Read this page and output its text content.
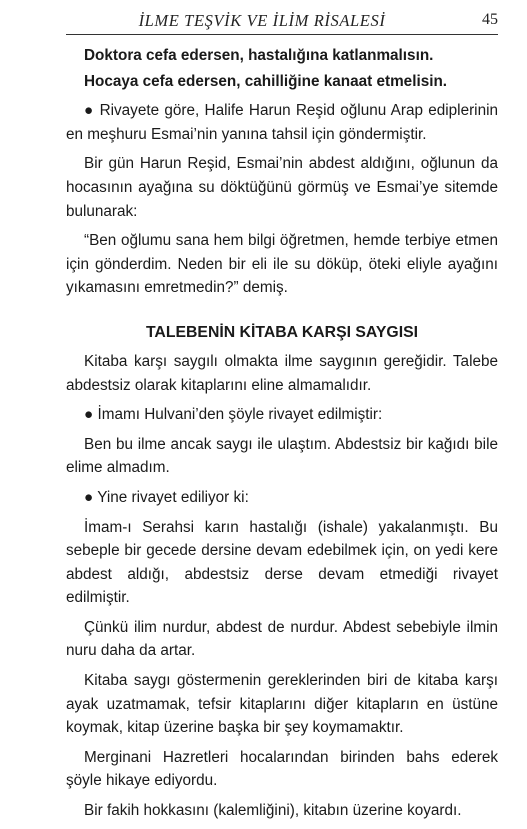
İLME TEŞVİK VE İLİM RİSALESİ	45

Doktora cefa edersen, hastalığına katlanmalısın.

Hocaya cefa edersen, cahilliğine kanaat etmelisin.

● Rivayete göre, Halife Harun Reşid oğlunu Arap ediplerinin en meşhuru Esmai’nin yanına tahsil için göndermiştir.

Bir gün Harun Reşid, Esmai’nin abdest aldığını, oğlunun da hocasının ayağına su döktüğünü görmüş ve Esmai’ye sitemde bulunarak:

“Ben oğlumu sana hem bilgi öğretmen, hemde terbiye etmen için gönderdim. Neden bir eli ile su döküp, öteki eliyle ayağını yıkamasını emretmedin?” demiş.

TALEBENİN KİTABA KARŞI SAYGISI

Kitaba karşı saygılı olmakta ilme saygının gereğidir. Talebe abdestsiz olarak kitaplarını eline almamalıdır.

● İmamı Hulvani’den şöyle rivayet edilmiştir:

Ben bu ilme ancak saygı ile ulaştım. Abdestsiz bir kağıdı bile elime almadım.

● Yine rivayet ediliyor ki:

İmam-ı Serahsi karın hastalığı (ishale) yakalanmıştı. Bu sebeple bir gecede dersine devam edebilmek için, on yedi kere abdest aldığı, abdestsiz derse devam etmediği rivayet edilmiştir.

Çünkü ilim nurdur, abdest de nurdur. Abdest sebebiyle ilmin nuru daha da artar.

Kitaba saygı göstermenin gereklerinden biri de kitaba karşı ayak uzatmamak, tefsir kitaplarını diğer kitapların en üstüne koymak, kitap üzerine başka bir şey koymamaktır.

Merginani Hazretleri hocalarından birinden bahs ederek şöyle hikaye ediyordu.

Bir fakih hokkasını (kalemliğini), kitabın üzerine koyardı.
